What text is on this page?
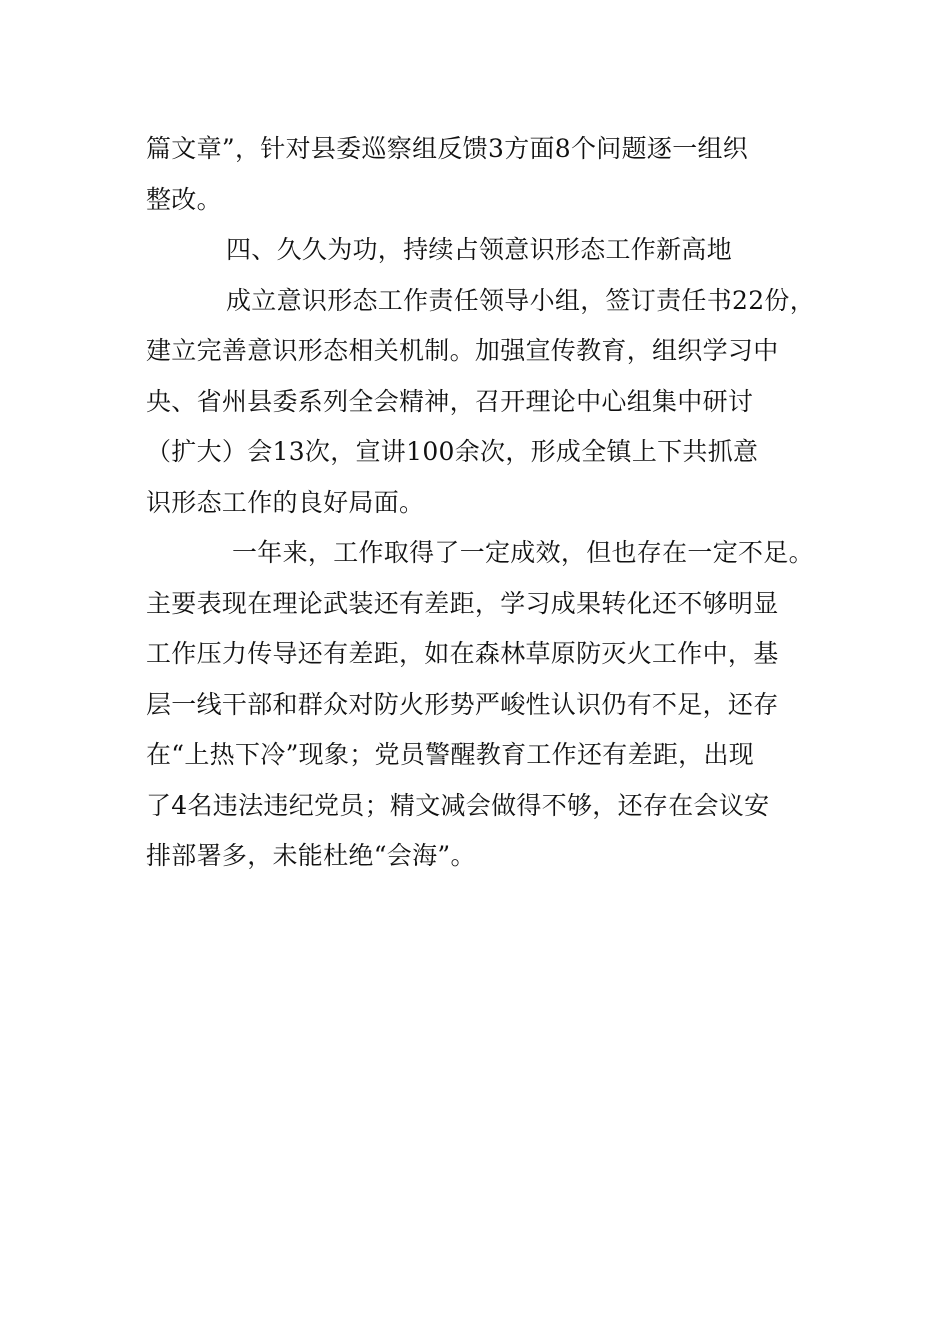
篇文章”，针对县委巡察组反馈3方面8个问题逐一组织
整改。
四、久久为功，持续占领意识形态工作新高地
成立意识形态工作责任领导小组，签订责任书22份，
建立完善意识形态相关机制。加强宣传教育，组织学习中
央、省州县委系列全会精神，召开理论中心组集中研讨
（扩大）会13次，宣讲100余次，形成全镇上下共抓意
识形态工作的良好局面。
一年来，工作取得了一定成效，但也存在一定不足。
主要表现在理论武装还有差距，学习成果转化还不够明显
工作压力传导还有差距，如在森林草原防灭火工作中，基
层一线干部和群众对防火形势严峻性认识仍有不足，还存
在“上热下冷”现象；党员警醒教育工作还有差距，出现
了4名违法违纪党员；精文减会做得不够，还存在会议安
排部署多，未能杜绝“会海”。
